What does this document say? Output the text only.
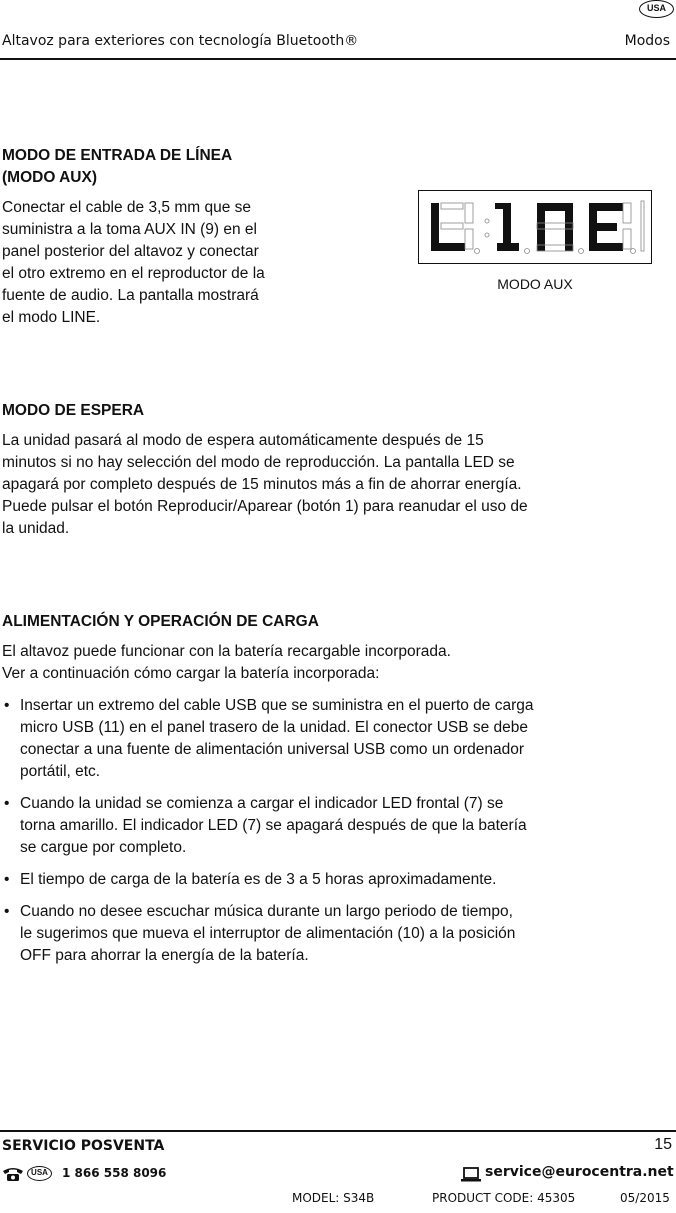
USA
Altavoz para exteriores con tecnología Bluetooth®	Modos
MODO DE ENTRADA DE LÍNEA
(MODO AUX)

Conectar el cable de 3,5 mm que se
suministra a la toma AUX IN (9) en el
panel posterior del altavoz y conectar
el otro extremo en el reproductor de la
fuente de audio. La pantalla mostrará
el modo LINE.

MODO AUX
MODO DE ESPERA

La unidad pasará al modo de espera automáticamente después de 15
minutos si no hay selección del modo de reproducción. La pantalla LED se
apagará por completo después de 15 minutos más a fin de ahorrar energía.
Puede pulsar el botón Reproducir/Aparear (botón 1) para reanudar el uso de
la unidad.

ALIMENTACIÓN Y OPERACIÓN DE CARGA

El altavoz puede funcionar con la batería recargable incorporada.
Ver a continuación cómo cargar la batería incorporada:

• Insertar un extremo del cable USB que se suministra en el puerto de carga
micro USB (11) en el panel trasero de la unidad. El conector USB se debe
conectar a una fuente de alimentación universal USB como un ordenador
portátil, etc.
• Cuando la unidad se comienza a cargar el indicador LED frontal (7) se
torna amarillo. El indicador LED (7) se apagará después de que la batería
se cargue por completo.
• El tiempo de carga de la batería es de 3 a 5 horas aproximadamente.
• Cuando no desee escuchar música durante un largo periodo de tiempo,
le sugerimos que mueva el interruptor de alimentación (10) a la posición
OFF para ahorrar la energía de la batería.
SERVICIO POSVENTA	15
USA	1 866 558 8096	service@eurocentra.net
MODEL: S34B	PRODUCT CODE: 45305	05/2015
